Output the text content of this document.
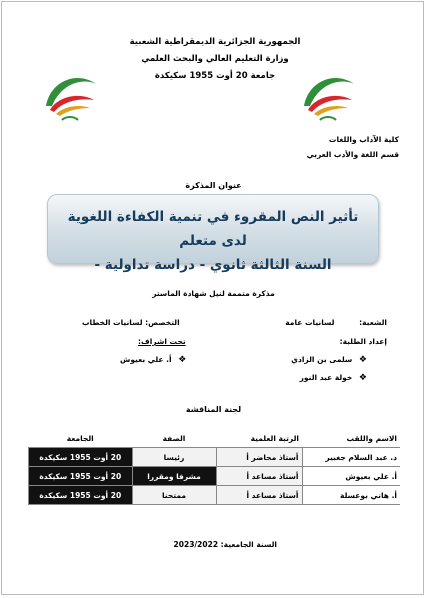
الجمهورية الجزائرية الديمقراطية الشعبية
وزارة التعليم العالي والبحث العلمي
جامعة 20 أوت 1955 سكيكدة
كلية الآداب واللغات
قسم اللغة والأدب العربي
عنوان المذكرة
تأثير النص المقروء في تنمية الكفاءة اللغوية لدى متعلم
السنة الثالثة ثانوي - دراسة تداولية -
مذكرة متممة لنيل شهادة الماستر
الشعبة: لسانيات عامة
التخصص: لسانيات الخطاب
إعداد الطلبة:
تحت اشراف:
❖ سلمى بن الزادي
❖ أ. علي بعيوش
❖ خولة عبد النور
لجنة المناقشة
الاسم واللقب	الرتبة العلمية	الصفة	الجامعة
د. عبد السلام جغبير	أستاذ محاضر أ	رئيسا	20 أوت 1955 سكيكدة
أ. علي بعيوش	أستاذ مساعد أ	مشرفا ومقررا	20 أوت 1955 سكيكدة
أ. هاني بوعسلة	أستاذ مساعد أ	ممتحنا	20 أوت 1955 سكيكدة
السنة الجامعية: 2023/2022
